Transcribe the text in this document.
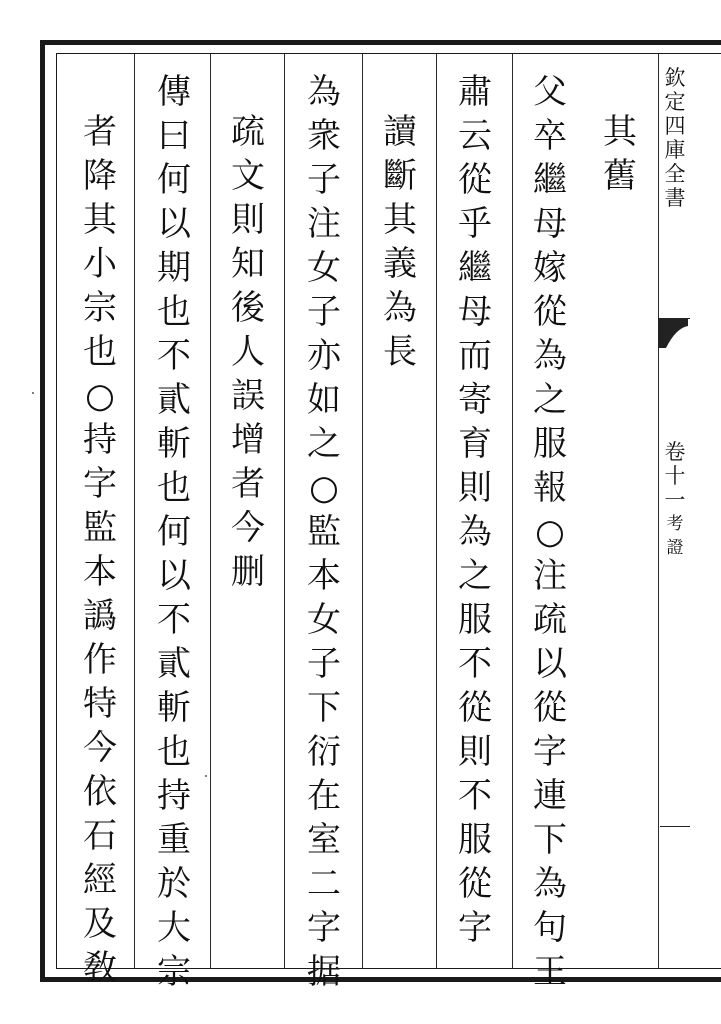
欽
定
四
庫
全
書
卷
十
一
考
證
父
卒
繼
母
嫁
從
為
之
服
報
○
注
疏
以
從
字
連
下
為
句
王
其
舊
肅
云
從
乎
繼
母
而
寄
育
則
為
之
服
不
從
則
不
服
從
字
讀
斷
其
義
為
長
為
衆
子
注
女
子
亦
如
之
○
監
本
女
子
下
衍
在
室
二
字
据
疏
文
則
知
後
人
誤
增
者
今
删
傳
曰
何
以
期
也
不
貳
斬
也
何
以
不
貳
斬
也
持
重
於
大
宗
者
降
其
小
宗
也
○
持
字
監
本
譌
作
特
今
依
石
經
及
敎
